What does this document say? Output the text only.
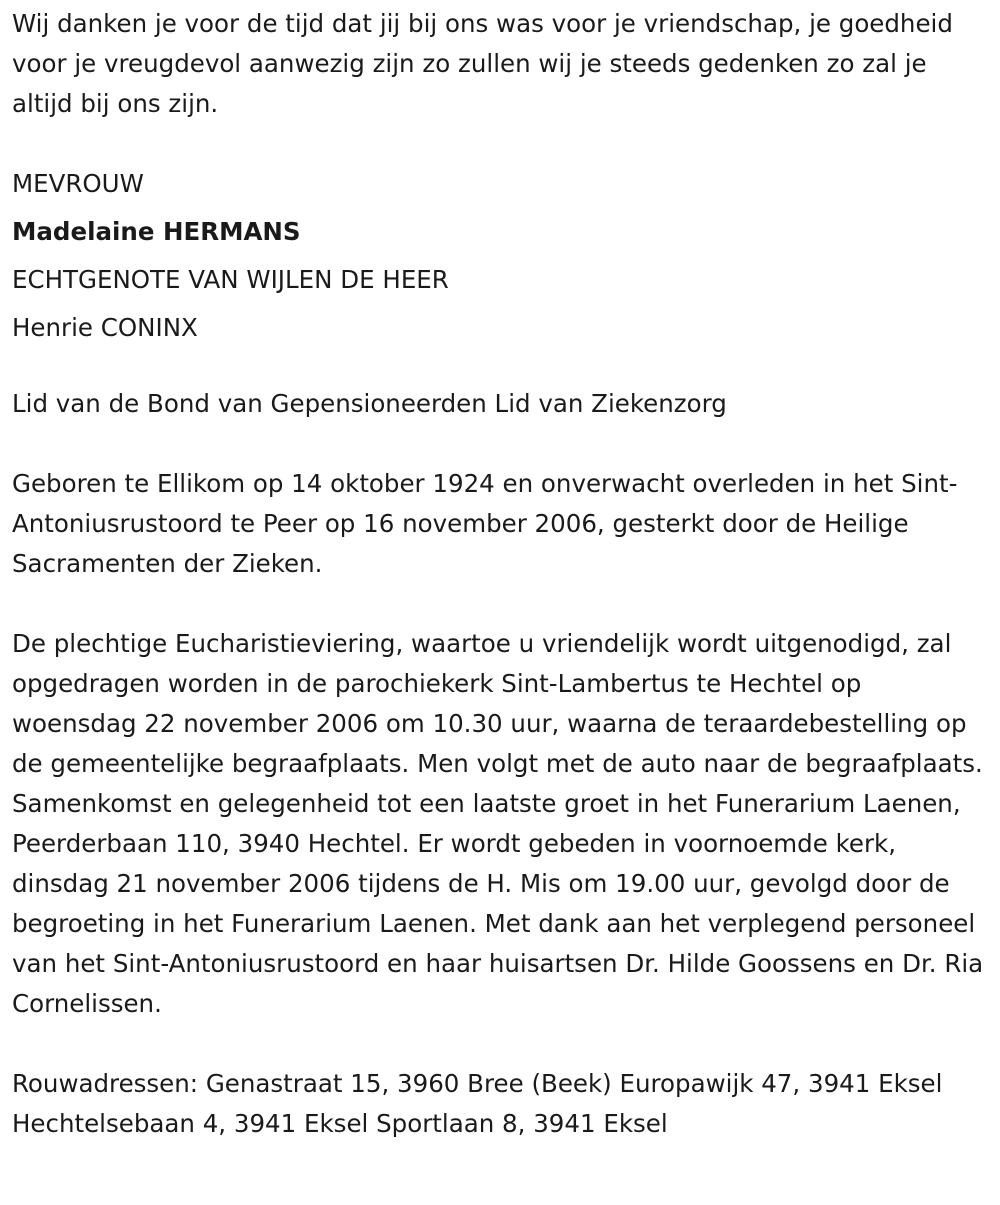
Wij danken je voor de tijd dat jij bij ons was voor je vriendschap, je goedheid voor je vreugdevol aanwezig zijn zo zullen wij je steeds gedenken zo zal je altijd bij ons zijn.

MEVROUW

Madelaine HERMANS

ECHTGENOTE VAN WIJLEN DE HEER

Henrie CONINX

Lid van de Bond van Gepensioneerden Lid van Ziekenzorg

Geboren te Ellikom op 14 oktober 1924 en onverwacht overleden in het Sint-Antoniusrustoord te Peer op 16 november 2006, gesterkt door de Heilige Sacramenten der Zieken.

De plechtige Eucharistieviering, waartoe u vriendelijk wordt uitgenodigd, zal opgedragen worden in de parochiekerk Sint-Lambertus te Hechtel op woensdag 22 november 2006 om 10.30 uur, waarna de teraardebestelling op de gemeentelijke begraafplaats. Men volgt met de auto naar de begraafplaats. Samenkomst en gelegenheid tot een laatste groet in het Funerarium Laenen, Peerderbaan 110, 3940 Hechtel. Er wordt gebeden in voornoemde kerk, dinsdag 21 november 2006 tijdens de H. Mis om 19.00 uur, gevolgd door de begroeting in het Funerarium Laenen. Met dank aan het verplegend personeel van het Sint-Antoniusrustoord en haar huisartsen Dr. Hilde Goossens en Dr. Ria Cornelissen.

Rouwadressen: Genastraat 15, 3960 Bree (Beek) Europawijk 47, 3941 Eksel Hechtelsebaan 4, 3941 Eksel Sportlaan 8, 3941 Eksel
